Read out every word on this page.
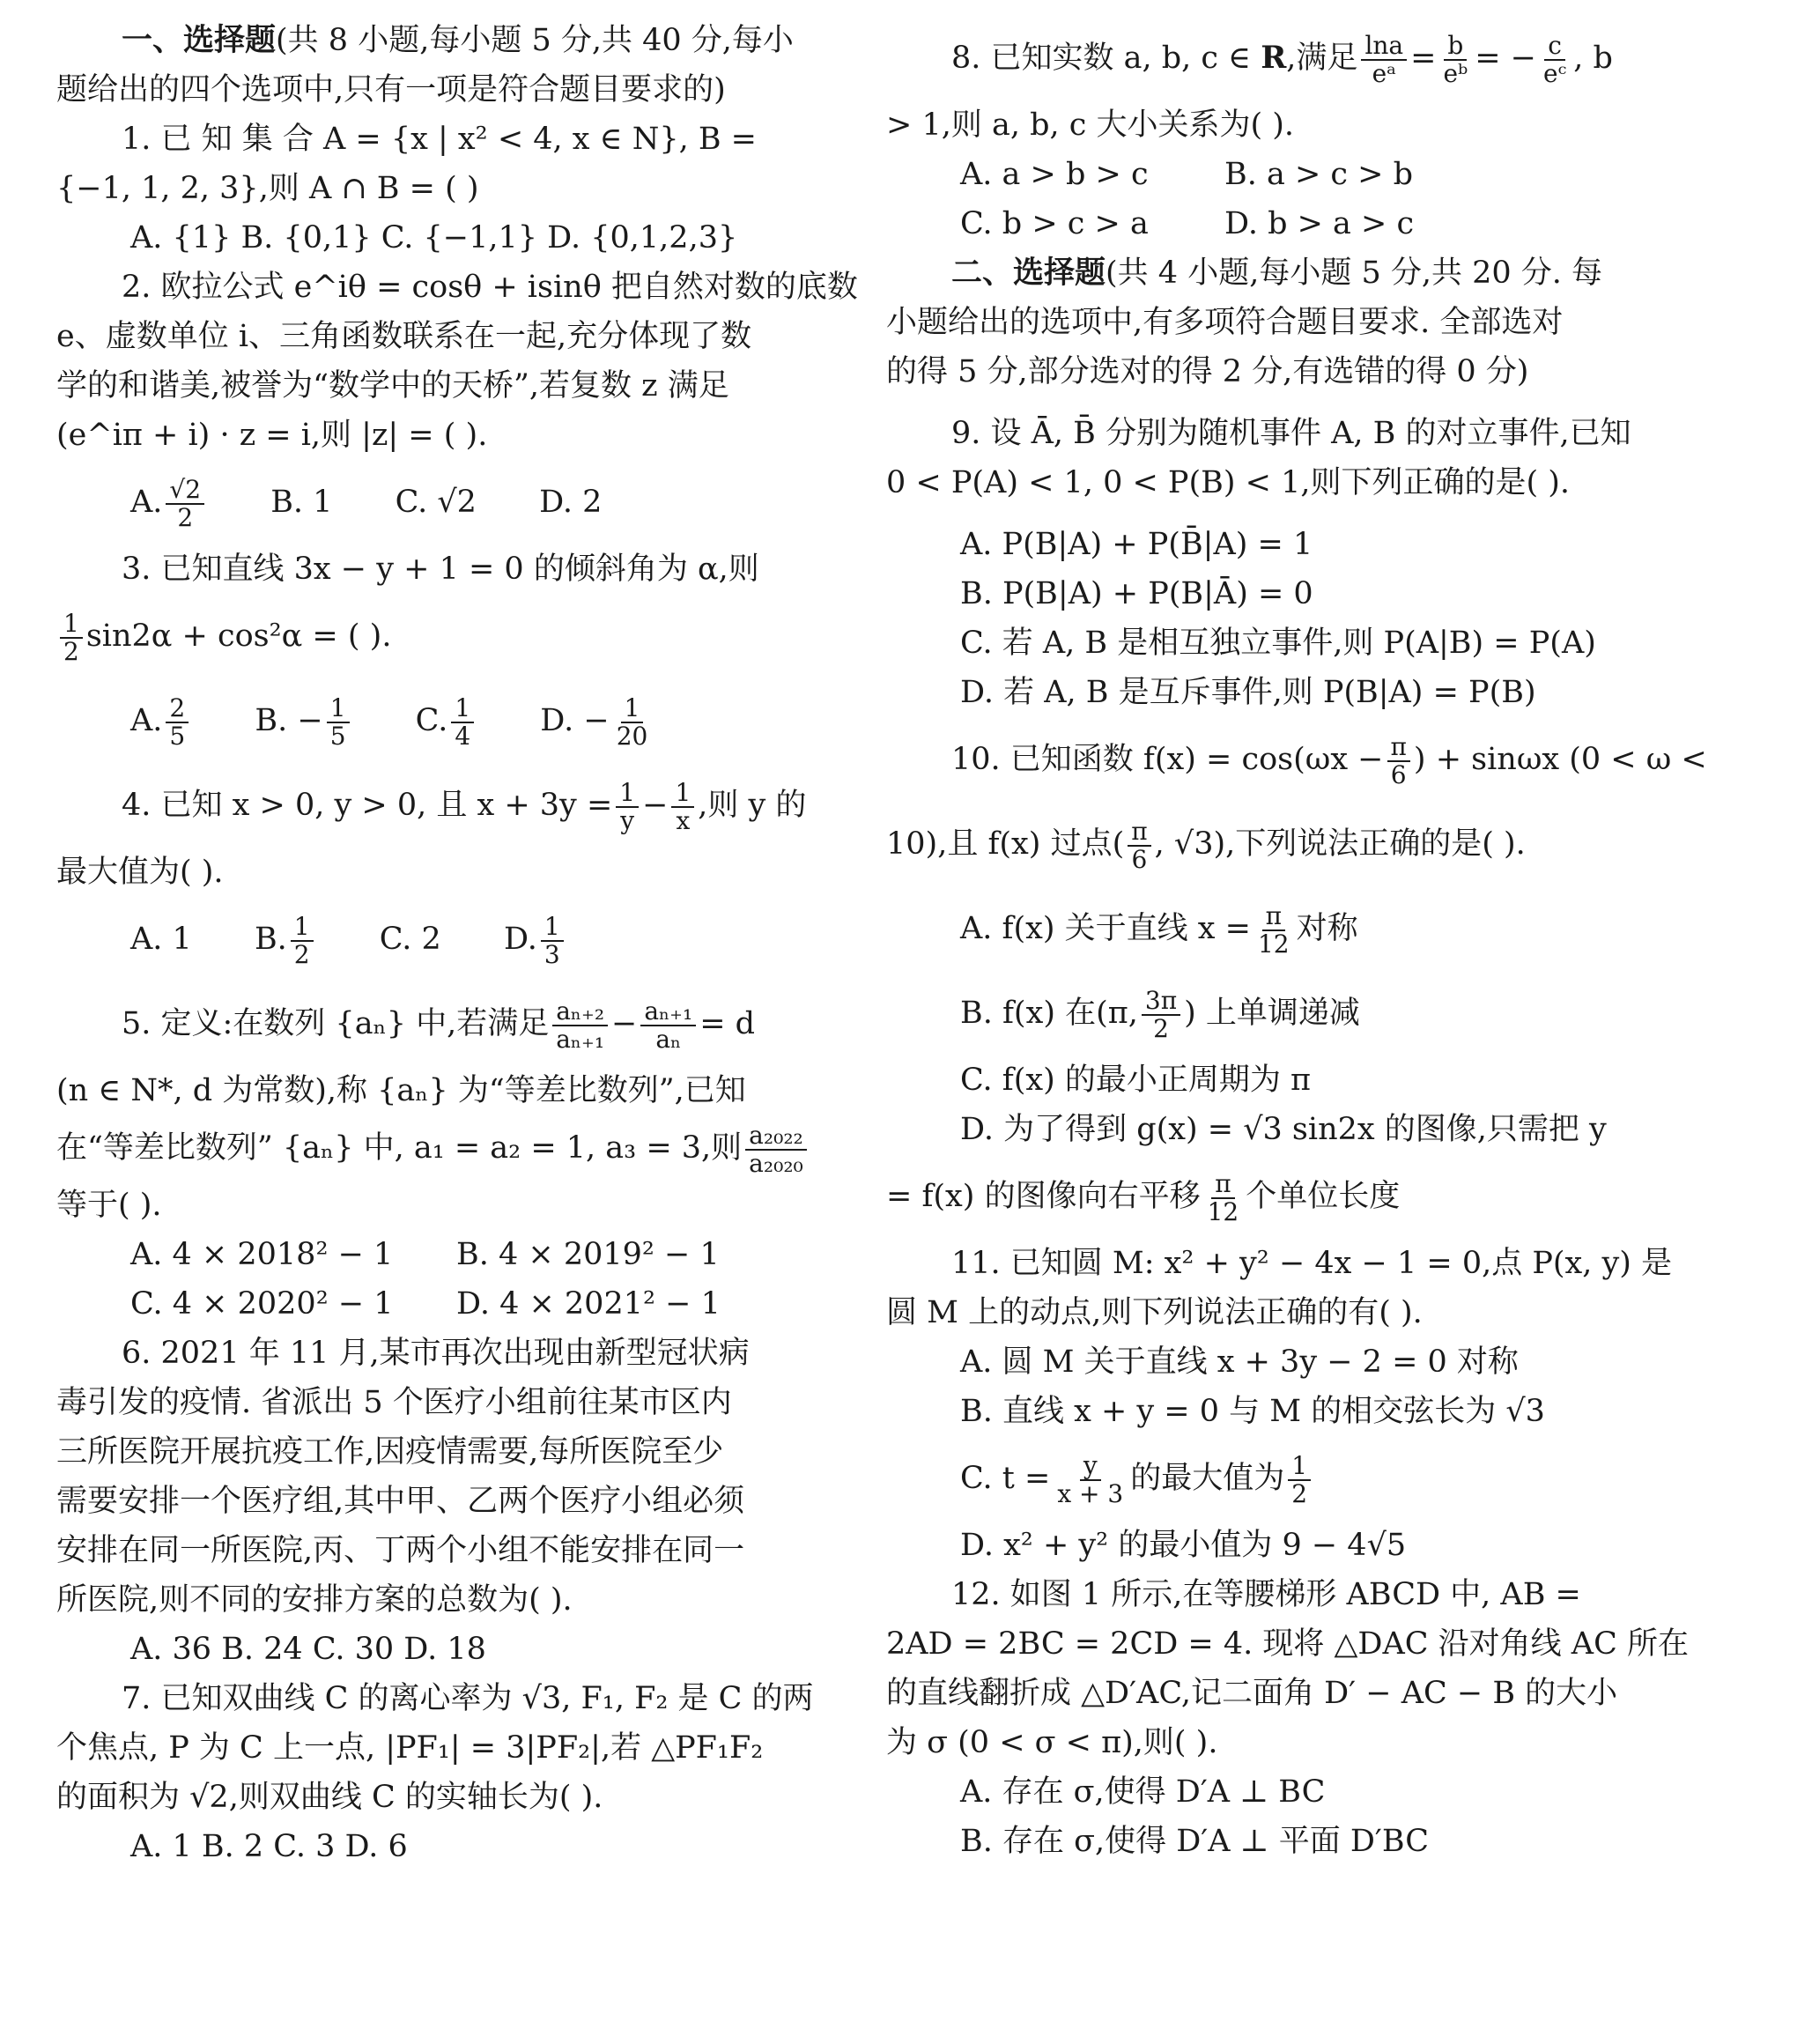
一、选择题(共 8 小题,每小题 5 分,共 40 分,每小

题给出的四个选项中,只有一项是符合题目要求的)

1. 已 知 集 合 A = {x | x² < 4, x ∈ N}, B =

{−1, 1, 2, 3},则 A ∩ B = ( )

A. {1} B. {0,1} C. {−1,1} D. {0,1,2,3}

2. 欧拉公式 e^iθ = cosθ + isinθ 把自然对数的底数

e、虚数单位 i、三角函数联系在一起,充分体现了数

学的和谐美,被誉为“数学中的天桥”,若复数 z 满足

(e^iπ + i) · z = i,则 |z| = ( ).

A. $\frac{√2}{2} B$. 1 C. √2 D. 2

3. 已知直线 3x − y + 1 = 0 的倾斜角为 α,则

$\frac{1}{2} \sin 2\alpha + \cos^2\alpha$ = ( ).

A. $\frac{2}{5} B$. − $\frac{1}{5} C$. $\frac{1}{4} D$. − $\frac{1}{20}$

4. 已知 x > 0, y > 0, 且 $x + 3y = \frac{1}{y} - \frac{1}{x}$ ,则 y 的

最大值为( ).

A. 1 B. $\frac{1}{2} C$. 2 D. $\frac{1}{3}$

5. 定义:在数列 {aₙ} 中,若满足 $\frac{\text{aₙ₊₂}}{\text{aₙ₊₁}} - \frac{\text{aₙ₊₁}}{\text{aₙ}} = d$

(n ∈ N*, d 为常数),称 {aₙ} 为“等差比数列”,已知

在“等差比数列” {aₙ} 中, a₁ = a₂ = 1, a₃ = 3,则 $\frac{\text{a₂₀₂₂}}{\text{a₂₀₂₀}}$

等于( ).

A. 4 × 2018² − 1 B. 4 × 2019² − 1

C. 4 × 2020² − 1 D. 4 × 2021² − 1

6. 2021 年 11 月,某市再次出现由新型冠状病

毒引发的疫情. 省派出 5 个医疗小组前往某市区内

三所医院开展抗疫工作,因疫情需要,每所医院至少

需要安排一个医疗组,其中甲、乙两个医疗小组必须

安排在同一所医院,丙、丁两个小组不能安排在同一

所医院,则不同的安排方案的总数为( ).

A. 36 B. 24 C. 30 D. 18

7. 已知双曲线 C 的离心率为 √3, F₁, F₂ 是 C 的两

个焦点, P 为 C 上一点, |PF₁| = 3|PF₂|,若 △PF₁F₂

的面积为 √2,则双曲线 C 的实轴长为( ).

A. 1 B. 2 C. 3 D. 6

8. 已知实数 a, b, c ∈ R,满足 $\frac{\ln a}{\text{eᵃ}} = \frac{b}{\text{eᵇ}}$ = − $\frac{c}{\text{eᶜ}}$ , b

> 1,则 a, b, c 大小关系为( ).

A. a > b > c B. a > c > b

C. b > c > a D. b > a > c

二、选择题(共 4 小题,每小题 5 分,共 20 分. 每

小题给出的选项中,有多项符合题目要求. 全部选对

的得 5 分,部分选对的得 2 分,有选错的得 0 分)

9. 设 Ā, B̄ 分别为随机事件 A, B 的对立事件,已知

0 < P(A) < 1, 0 < P(B) < 1,则下列正确的是( ).

A. P(B|A) + P(B̄|A) = 1

B. P(B|A) + P(B|Ā) = 0

C. 若 A, B 是相互独立事件,则 P(A|B) = P(A)

D. 若 A, B 是互斥事件,则 P(B|A) = P(B)

10. 已知函数 $f(x) = \cos(\omega x - \frac{\pi}{6}$ ) + sinωx (0 < ω <

10),且 f(x) 过点( $\frac{\pi}{6}$ , √3),下列说法正确的是( ).

A. f(x) 关于直线 $x = \frac{\pi}{12}$ 对称

B. f(x) 在(π, $\frac{3\pi}{2}$ ) 上单调递减

C. f(x) 的最小正周期为 π

D. 为了得到 g(x) = √3 sin2x 的图像,只需把 y

= f(x) 的图像向右平移 $\frac{\pi}{12}$ 个单位长度

11. 已知圆 M: x² + y² − 4x − 1 = 0,点 P(x, y) 是

圆 M 上的动点,则下列说法正确的有( ).

A. 圆 M 关于直线 x + 3y − 2 = 0 对称

B. 直线 x + y = 0 与 M 的相交弦长为 √3

C. $t = \frac{y}{x + 3}$ 的最大值为 $\frac{1}{2}$

D. x² + y² 的最小值为 9 − 4√5

12. 如图 1 所示,在等腰梯形 ABCD 中, AB =

2AD = 2BC = 2CD = 4. 现将 △DAC 沿对角线 AC 所在

的直线翻折成 △D′AC,记二面角 D′ − AC − B 的大小

为 σ (0 < σ < π),则( ).

A. 存在 σ,使得 D′A ⊥ BC

B. 存在 σ,使得 D′A ⊥ 平面 D′BC
